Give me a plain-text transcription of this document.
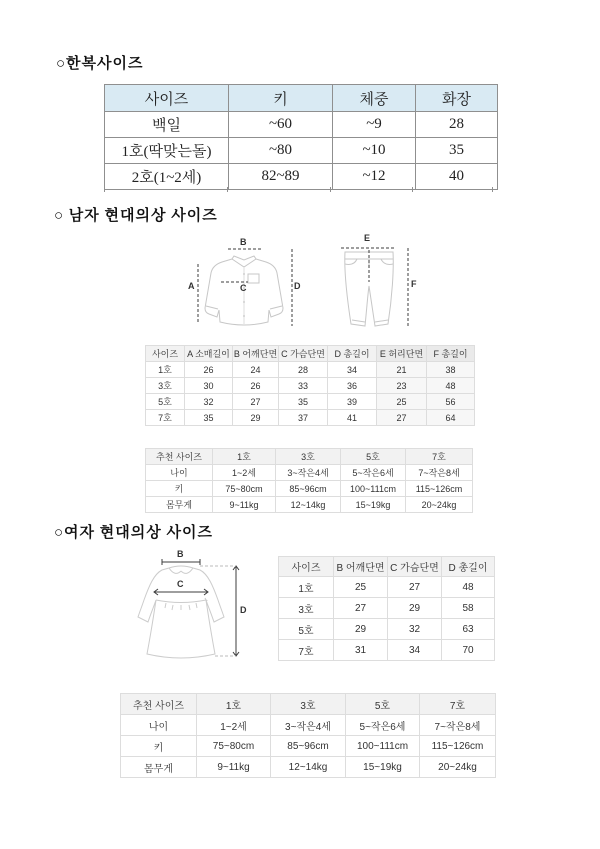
○한복사이즈
사이즈	키	체중	화장
백일	~60	~9	28
1호(딱맞는돌)	~80	~10	35
2호(1~2세)	82~89	~12	40
○ 남자 현대의상 사이즈
B
A	C	D
E
F
사이즈	A 소매길이	B 어깨단면	C 가슴단면	D 총길이	E 허리단면	F 총길이
1호	26	24	28	34	21	38
3호	30	26	33	36	23	48
5호	32	27	35	39	25	56
7호	35	29	37	41	27	64
추천 사이즈	1호	3호	5호	7호
나이	1~2세	3~작은4세	5~작은6세	7~작은8세
키	75~80cm	85~96cm	100~111cm	115~126cm
몸무게	9~11kg	12~14kg	15~19kg	20~24kg
○여자 현대의상 사이즈
B
C
D
사이즈	B 어깨단면	C 가슴단면	D 총길이
1호	25	27	48
3호	27	29	58
5호	29	32	63
7호	31	34	70
추천 사이즈	1호	3호	5호	7호
나이	1~2세	3~작은4세	5~작은6세	7~작은8세
키	75~80cm	85~96cm	100~111cm	115~126cm
몸무게	9~11kg	12~14kg	15~19kg	20~24kg
